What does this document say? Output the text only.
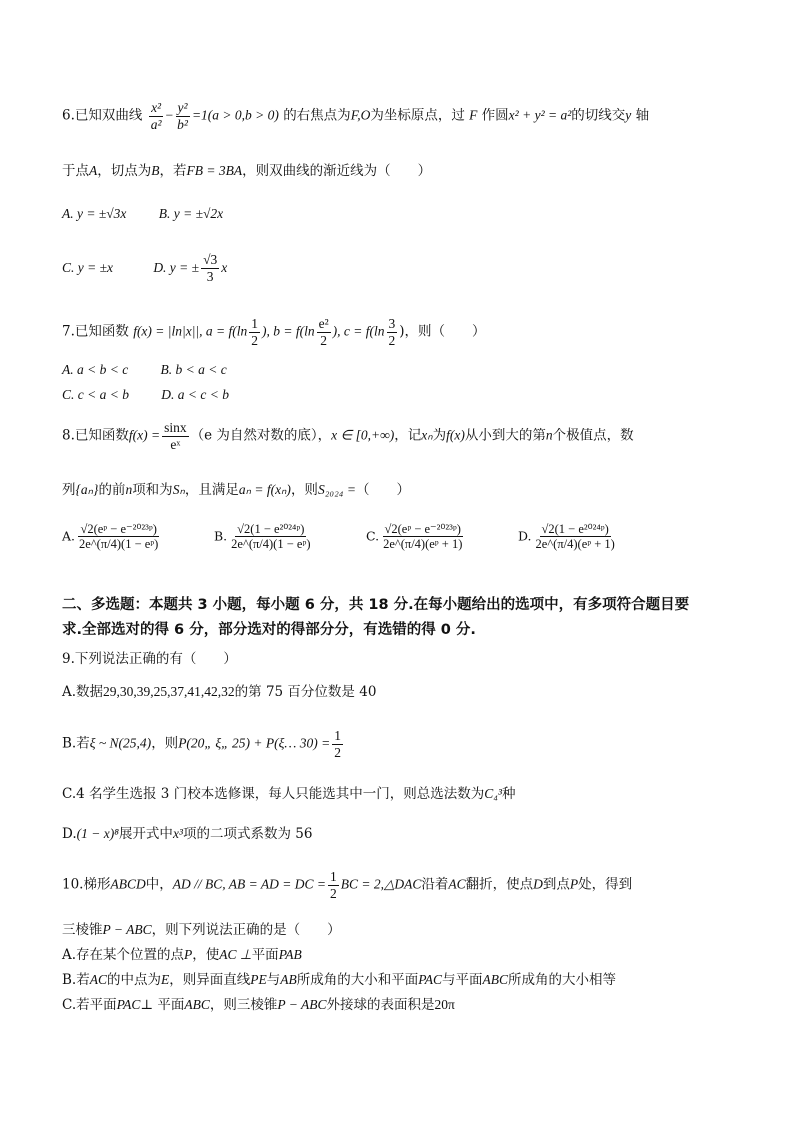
6.已知双曲线 $\frac{\text{x²}}{\text{a²}} - \frac{\text{y²}}{\text{b²}} =1(a > 0,b > 0)$ 的右焦点为F,O为坐标原点，过 F 作圆x² + y² = a²的切线交y 轴
于点A，切点为B，若FB = 3BA，则双曲线的渐近线为（　　）
A. y = ±√3x B. y = ±√2x
C. y = ±x	D. y = ± $\frac{√3}{3}$ x
7.已知函数 f(x) = |ln|x||, $a = f(\ln \frac{1}{2}$ ), $b = f(\ln \frac{\text{e²}}{2}$ ), $c = f(\ln \frac{3}{2}$ )，则（　　）
A. a < b < c B. b < a < c
C. c < a < b D. a < c < b
8.已知函数$f(x) = \frac{\sin x}{\text{eˣ}} (e$ 为自然对数的底），x ∈ [0,+∞)，记xₙ为f(x)从小到大的第n个极值点，数
列{aₙ}的前n项和为Sₙ，且满足aₙ = f(xₙ)，则S₂₀₂₄ =（　　）
A. $\frac{\text{√2(eᵖ − e⁻²⁰²³ᵖ)}}{\text{2e\textasciicircum{}(π/4)(1 − eᵖ)}}$	B. $\frac{\text{√2(1 − e²⁰²⁴ᵖ)}}{\text{2e\textasciicircum{}(π/4)(1 − eᵖ)}}$	C. $\frac{\text{√2(eᵖ − e⁻²⁰²³ᵖ)}}{\text{2e\textasciicircum{}(π/4)(eᵖ + 1)}}$	D. $\frac{\text{√2(1 − e²⁰²⁴ᵖ)}}{\text{2e\textasciicircum{}(π/4)(eᵖ + 1)}}$
二、多选题：本题共 3 小题，每小题 6 分，共 18 分.在每小题给出的选项中，有多项符合题目要
求.全部选对的得 6 分，部分选对的得部分分，有选错的得 0 分.
9.下列说法正确的有（　　）
A.数据29,30,39,25,37,41,42,32的第 75 百分位数是 40
B.若ξ ~ N(25,4)，则P(20„ ξ„ 25) + P(ξ… $30) = \frac{1}{2}$
C.4 名学生选报 3 门校本选修课，每人只能选其中一门，则总选法数为C₄³种
D.(1 − x)⁸展开式中x³项的二项式系数为 56
10.梯形ABCD中，AD // BC, AB = AD = DC = $\frac{1}{2}$ BC = 2,△DAC沿着AC翻折，使点D到点P处，得到
三棱锥P − ABC，则下列说法正确的是（　　）
A.存在某个位置的点P，使AC ⊥平面PAB
B.若AC的中点为E，则异面直线PE与AB所成角的大小和平面PAC与平面ABC所成角的大小相等
C.若平面PAC⊥ 平面ABC，则三棱锥P − ABC外接球的表面积是20π
